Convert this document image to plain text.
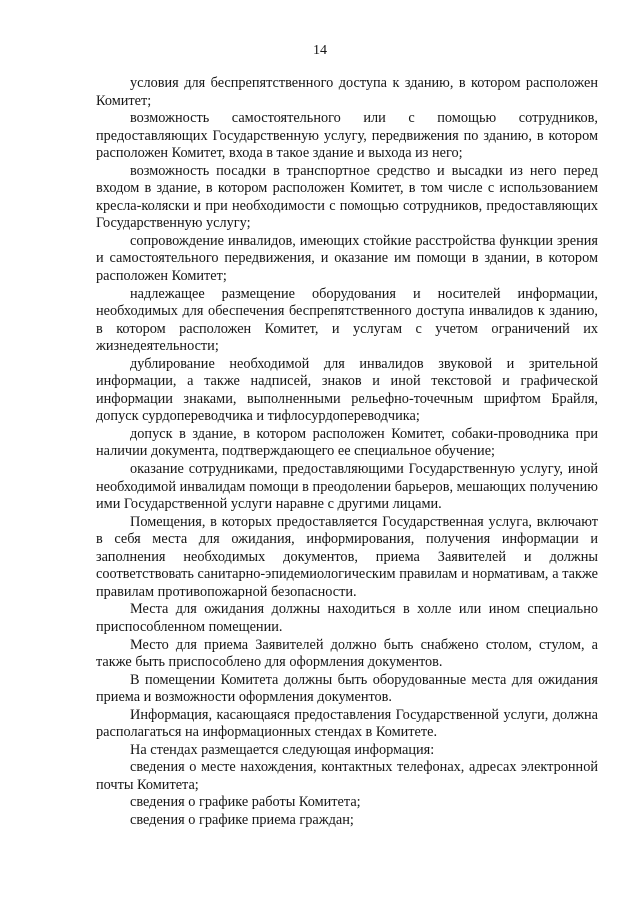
14

условия для беспрепятственного доступа к зданию, в котором расположен Комитет;

возможность самостоятельного или с помощью сотрудников, предоставляющих Государственную услугу, передвижения по зданию, в котором расположен Комитет, входа в такое здание и выхода из него;

возможность посадки в транспортное средство и высадки из него перед входом в здание, в котором расположен Комитет, в том числе с использованием кресла-коляски и при необходимости с помощью сотрудников, предоставляющих Государственную услугу;

сопровождение инвалидов, имеющих стойкие расстройства функции зрения и самостоятельного передвижения, и оказание им помощи в здании, в котором расположен Комитет;

надлежащее размещение оборудования и носителей информации, необходимых для обеспечения беспрепятственного доступа инвалидов к зданию, в котором расположен Комитет, и услугам с учетом ограничений их жизнедеятельности;

дублирование необходимой для инвалидов звуковой и зрительной информации, а также надписей, знаков и иной текстовой и графической информации знаками, выполненными рельефно-точечным шрифтом Брайля, допуск сурдопереводчика и тифлосурдопереводчика;

допуск в здание, в котором расположен Комитет, собаки-проводника при наличии документа, подтверждающего ее специальное обучение;

оказание сотрудниками, предоставляющими Государственную услугу, иной необходимой инвалидам помощи в преодолении барьеров, мешающих получению ими Государственной услуги наравне с другими лицами.

Помещения, в которых предоставляется Государственная услуга, включают в себя места для ожидания, информирования, получения информации и заполнения необходимых документов, приема Заявителей и должны соответствовать санитарно-эпидемиологическим правилам и нормативам, а также правилам противопожарной безопасности.

Места для ожидания должны находиться в холле или ином специально приспособленном помещении.

Место для приема Заявителей должно быть снабжено столом, стулом, а также быть приспособлено для оформления документов.

В помещении Комитета должны быть оборудованные места для ожидания приема и возможности оформления документов.

Информация, касающаяся предоставления Государственной услуги, должна располагаться на информационных стендах в Комитете.

На стендах размещается следующая информация:

сведения о месте нахождения, контактных телефонах, адресах электронной почты Комитета;

сведения о графике работы Комитета;

сведения о графике приема граждан;
